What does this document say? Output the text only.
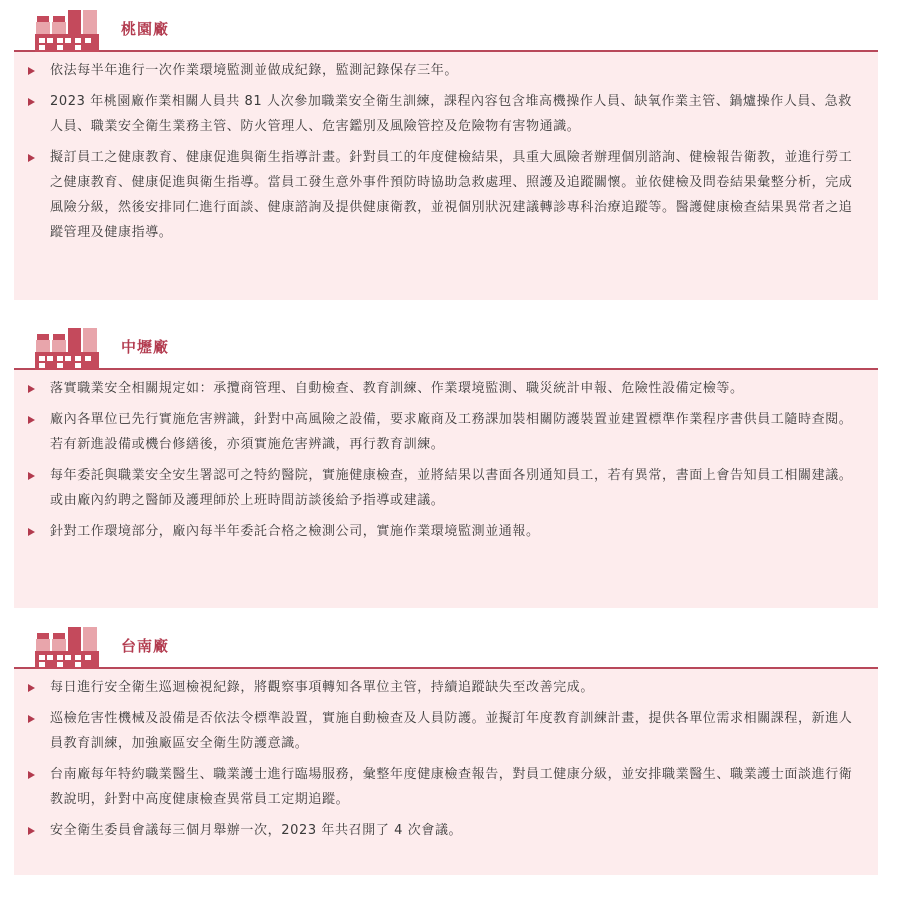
桃園廠
依法每半年進行一次作業環境監測並做成紀錄，監測記錄保存三年。
2023 年桃園廠作業相關人員共 81 人次參加職業安全衛生訓練，課程內容包含堆高機操作人員、缺氧作業主管、鍋爐操作人員、急救人員、職業安全衛生業務主管、防火管理人、危害鑑別及風險管控及危險物有害物通識。
擬訂員工之健康教育、健康促進與衛生指導計畫。針對員工的年度健檢結果，具重大風險者辦理個別諮詢、健檢報告衛教，並進行勞工之健康教育、健康促進與衛生指導。當員工發生意外事件預防時協助急救處理、照護及追蹤關懷。並依健檢及問卷結果彙整分析，完成風險分級，然後安排同仁進行面談、健康諮詢及提供健康衛教，並視個別狀況建議轉診專科治療追蹤等。醫護健康檢查結果異常者之追蹤管理及健康指導。
中壢廠
落實職業安全相關規定如：承攬商管理、自動檢查、教育訓練、作業環境監測、職災統計申報、危險性設備定檢等。
廠內各單位已先行實施危害辨識，針對中高風險之設備，要求廠商及工務課加裝相關防護裝置並建置標準作業程序書供員工隨時查閱。若有新進設備或機台修繕後，亦須實施危害辨識，再行教育訓練。
每年委託與職業安全安生署認可之特約醫院，實施健康檢查，並將結果以書面各別通知員工，若有異常，書面上會告知員工相關建議。或由廠內約聘之醫師及護理師於上班時間訪談後給予指導或建議。
針對工作環境部分，廠內每半年委託合格之檢測公司，實施作業環境監測並通報。
台南廠
每日進行安全衛生巡迴檢視紀錄，將觀察事項轉知各單位主管，持續追蹤缺失至改善完成。
巡檢危害性機械及設備是否依法令標準設置，實施自動檢查及人員防護。並擬訂年度教育訓練計畫，提供各單位需求相關課程，新進人員教育訓練，加強廠區安全衛生防護意識。
台南廠每年特約職業醫生、職業護士進行臨場服務，彙整年度健康檢查報告，對員工健康分級，並安排職業醫生、職業護士面談進行衛教說明，針對中高度健康檢查異常員工定期追蹤。
安全衛生委員會議每三個月舉辦一次，2023 年共召開了 4 次會議。
